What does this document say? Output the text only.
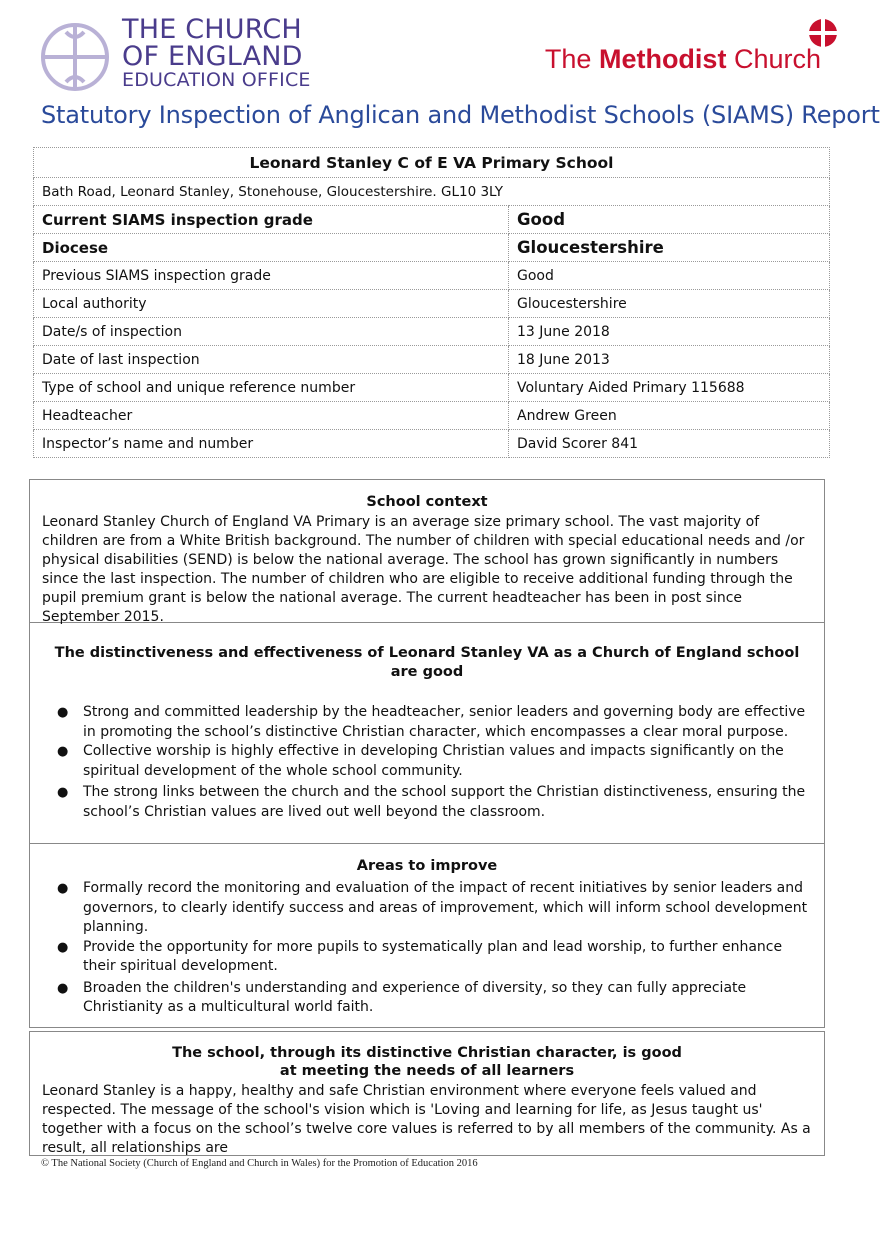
THE CHURCH
OF ENGLAND
EDUCATION OFFICE
The Methodist Church
Statutory Inspection of Anglican and Methodist Schools (SIAMS) Report
Leonard Stanley C of E VA Primary School	
Bath Road, Leonard Stanley, Stonehouse, Gloucestershire. GL10 3LY	
Current SIAMS inspection grade	Good
Diocese	Gloucestershire
Previous SIAMS inspection grade	Good
Local authority	Gloucestershire
Date/s of inspection	13 June 2018
Date of last inspection	18 June 2013
Type of school and unique reference number	Voluntary Aided Primary 115688
Headteacher	Andrew Green
Inspector’s name and number	David Scorer 841
School context
Leonard Stanley Church of England VA Primary is an average size primary school. The vast majority of children are from a White British background. The number of children with special educational needs and /or physical disabilities (SEND) is below the national average. The school has grown significantly in numbers since the last inspection. The number of children who are eligible to receive additional funding through the pupil premium grant is below the national average. The current headteacher has been in post since September 2015.
The distinctiveness and effectiveness of Leonard Stanley VA as a Church of England school
are good
● Strong and committed leadership by the headteacher, senior leaders and governing body are effective in promoting the school’s distinctive Christian character, which encompasses a clear moral purpose.
● Collective worship is highly effective in developing Christian values and impacts significantly on the spiritual development of the whole school community.
● The strong links between the church and the school support the Christian distinctiveness, ensuring the school’s Christian values are lived out well beyond the classroom.
Areas to improve
● Formally record the monitoring and evaluation of the impact of recent initiatives by senior leaders and governors, to clearly identify success and areas of improvement, which will inform school development planning.
● Provide the opportunity for more pupils to systematically plan and lead worship, to further enhance their spiritual development.
● Broaden the children's understanding and experience of diversity, so they can fully appreciate Christianity as a multicultural world faith.
The school, through its distinctive Christian character, is good
at meeting the needs of all learners
Leonard Stanley is a happy, healthy and safe Christian environment where everyone feels valued and respected. The message of the school's vision which is 'Loving and learning for life, as Jesus taught us' together with a focus on the school’s twelve core values is referred to by all members of the community. As a result, all relationships are
© The National Society (Church of England and Church in Wales) for the Promotion of Education 2016
